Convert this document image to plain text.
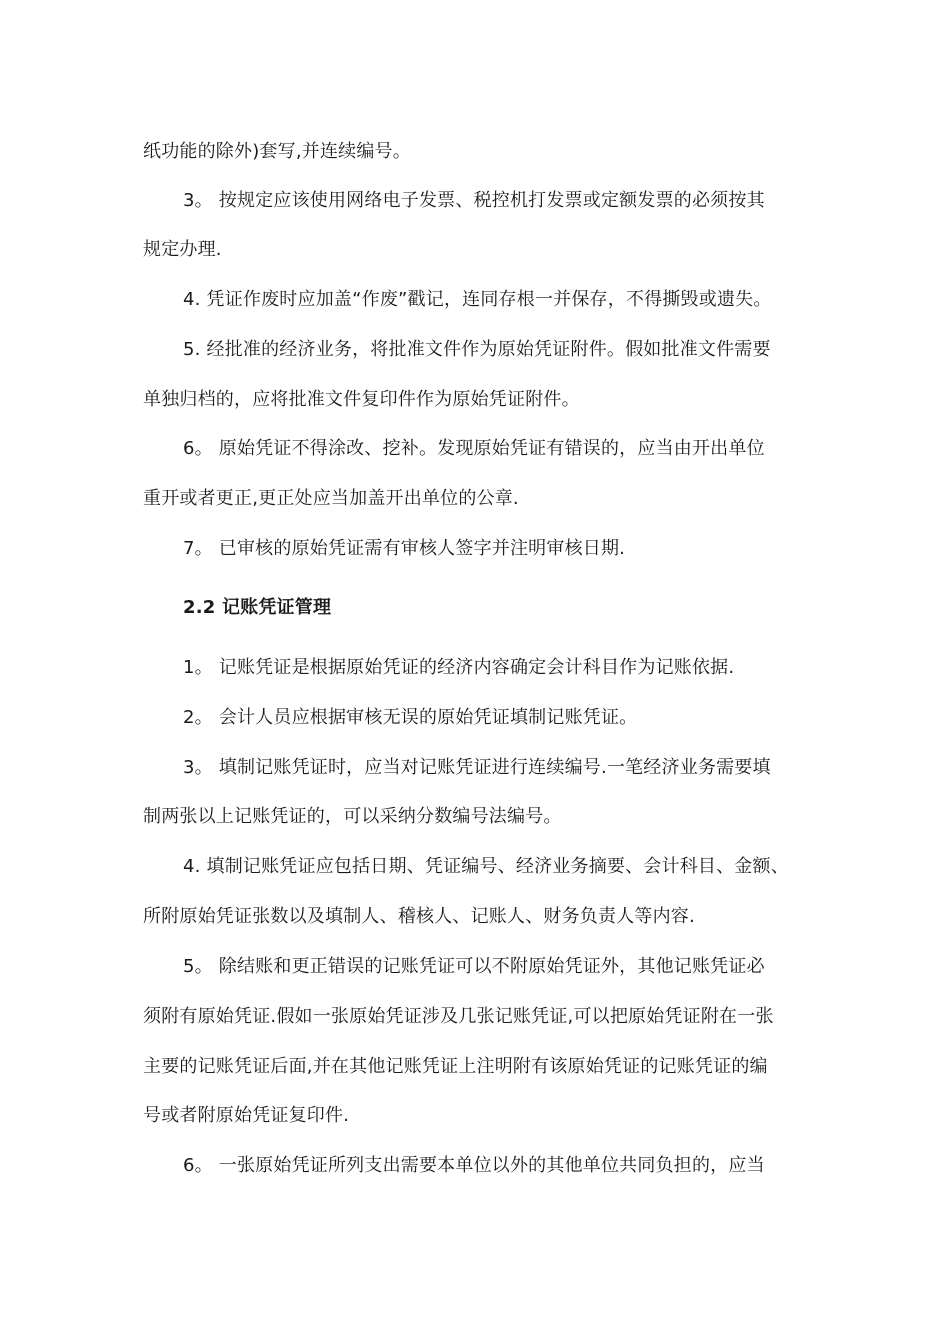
纸功能的除外)套写,并连续编号。
3。 按规定应该使用网络电子发票、税控机打发票或定额发票的必须按其
规定办理.
4. 凭证作废时应加盖“作废”戳记，连同存根一并保存，不得撕毁或遗失。
5. 经批准的经济业务，将批准文件作为原始凭证附件。假如批准文件需要
单独归档的，应将批准文件复印件作为原始凭证附件。
6。 原始凭证不得涂改、挖补。发现原始凭证有错误的，应当由开出单位
重开或者更正,更正处应当加盖开出单位的公章.
7。 已审核的原始凭证需有审核人签字并注明审核日期.
2.2 记账凭证管理
1。 记账凭证是根据原始凭证的经济内容确定会计科目作为记账依据.
2。 会计人员应根据审核无误的原始凭证填制记账凭证。
3。 填制记账凭证时，应当对记账凭证进行连续编号.一笔经济业务需要填
制两张以上记账凭证的，可以采纳分数编号法编号。
4. 填制记账凭证应包括日期、凭证编号、经济业务摘要、会计科目、金额、
所附原始凭证张数以及填制人、稽核人、记账人、财务负责人等内容.
5。 除结账和更正错误的记账凭证可以不附原始凭证外，其他记账凭证必
须附有原始凭证.假如一张原始凭证涉及几张记账凭证,可以把原始凭证附在一张
主要的记账凭证后面,并在其他记账凭证上注明附有该原始凭证的记账凭证的编
号或者附原始凭证复印件.
6。 一张原始凭证所列支出需要本单位以外的其他单位共同负担的，应当
